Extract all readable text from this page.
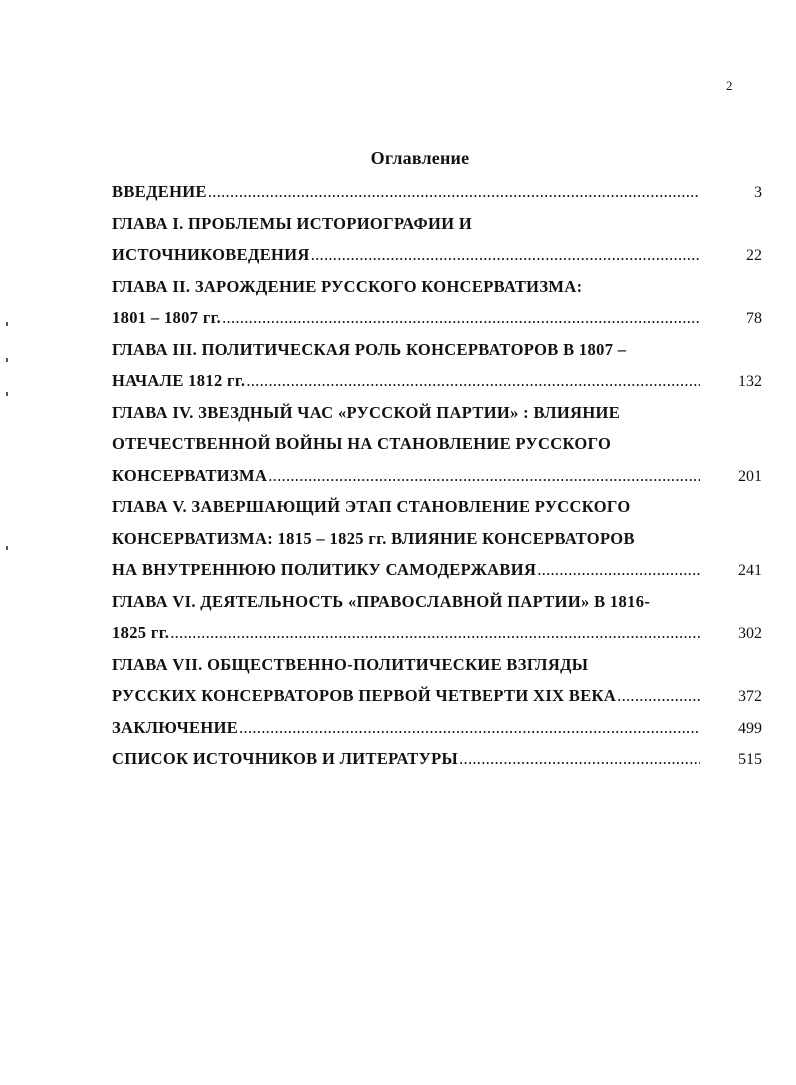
2
Оглавление
ВВЕДЕНИЕ .....	3
ГЛАВА I. ПРОБЛЕМЫ ИСТОРИОГРАФИИ И
ИСТОЧНИКОВЕДЕНИЯ .....	22
ГЛАВА II. ЗАРОЖДЕНИЕ РУССКОГО КОНСЕРВАТИЗМА:
1801 – 1807 гг. .....	78
ГЛАВА III. ПОЛИТИЧЕСКАЯ РОЛЬ КОНСЕРВАТОРОВ В 1807 –
НАЧАЛЕ 1812 гг. .....	132
ГЛАВА IV. ЗВЕЗДНЫЙ ЧАС «РУССКОЙ ПАРТИИ» : ВЛИЯНИЕ
ОТЕЧЕСТВЕННОЙ ВОЙНЫ НА СТАНОВЛЕНИЕ РУССКОГО
КОНСЕРВАТИЗМА .....	201
ГЛАВА V. ЗАВЕРШАЮЩИЙ ЭТАП СТАНОВЛЕНИЕ РУССКОГО
КОНСЕРВАТИЗМА: 1815 – 1825 гг. ВЛИЯНИЕ КОНСЕРВАТОРОВ
НА ВНУТРЕННЮЮ ПОЛИТИКУ САМОДЕРЖАВИЯ .....	241
ГЛАВА VI. ДЕЯТЕЛЬНОСТЬ «ПРАВОСЛАВНОЙ ПАРТИИ» В 1816-
1825 гг. .....	302
ГЛАВА VII. ОБЩЕСТВЕННО-ПОЛИТИЧЕСКИЕ ВЗГЛЯДЫ
РУССКИХ КОНСЕРВАТОРОВ ПЕРВОЙ ЧЕТВЕРТИ XIX ВЕКА .....	372
ЗАКЛЮЧЕНИЕ .....	499
СПИСОК ИСТОЧНИКОВ И ЛИТЕРАТУРЫ .....	515
